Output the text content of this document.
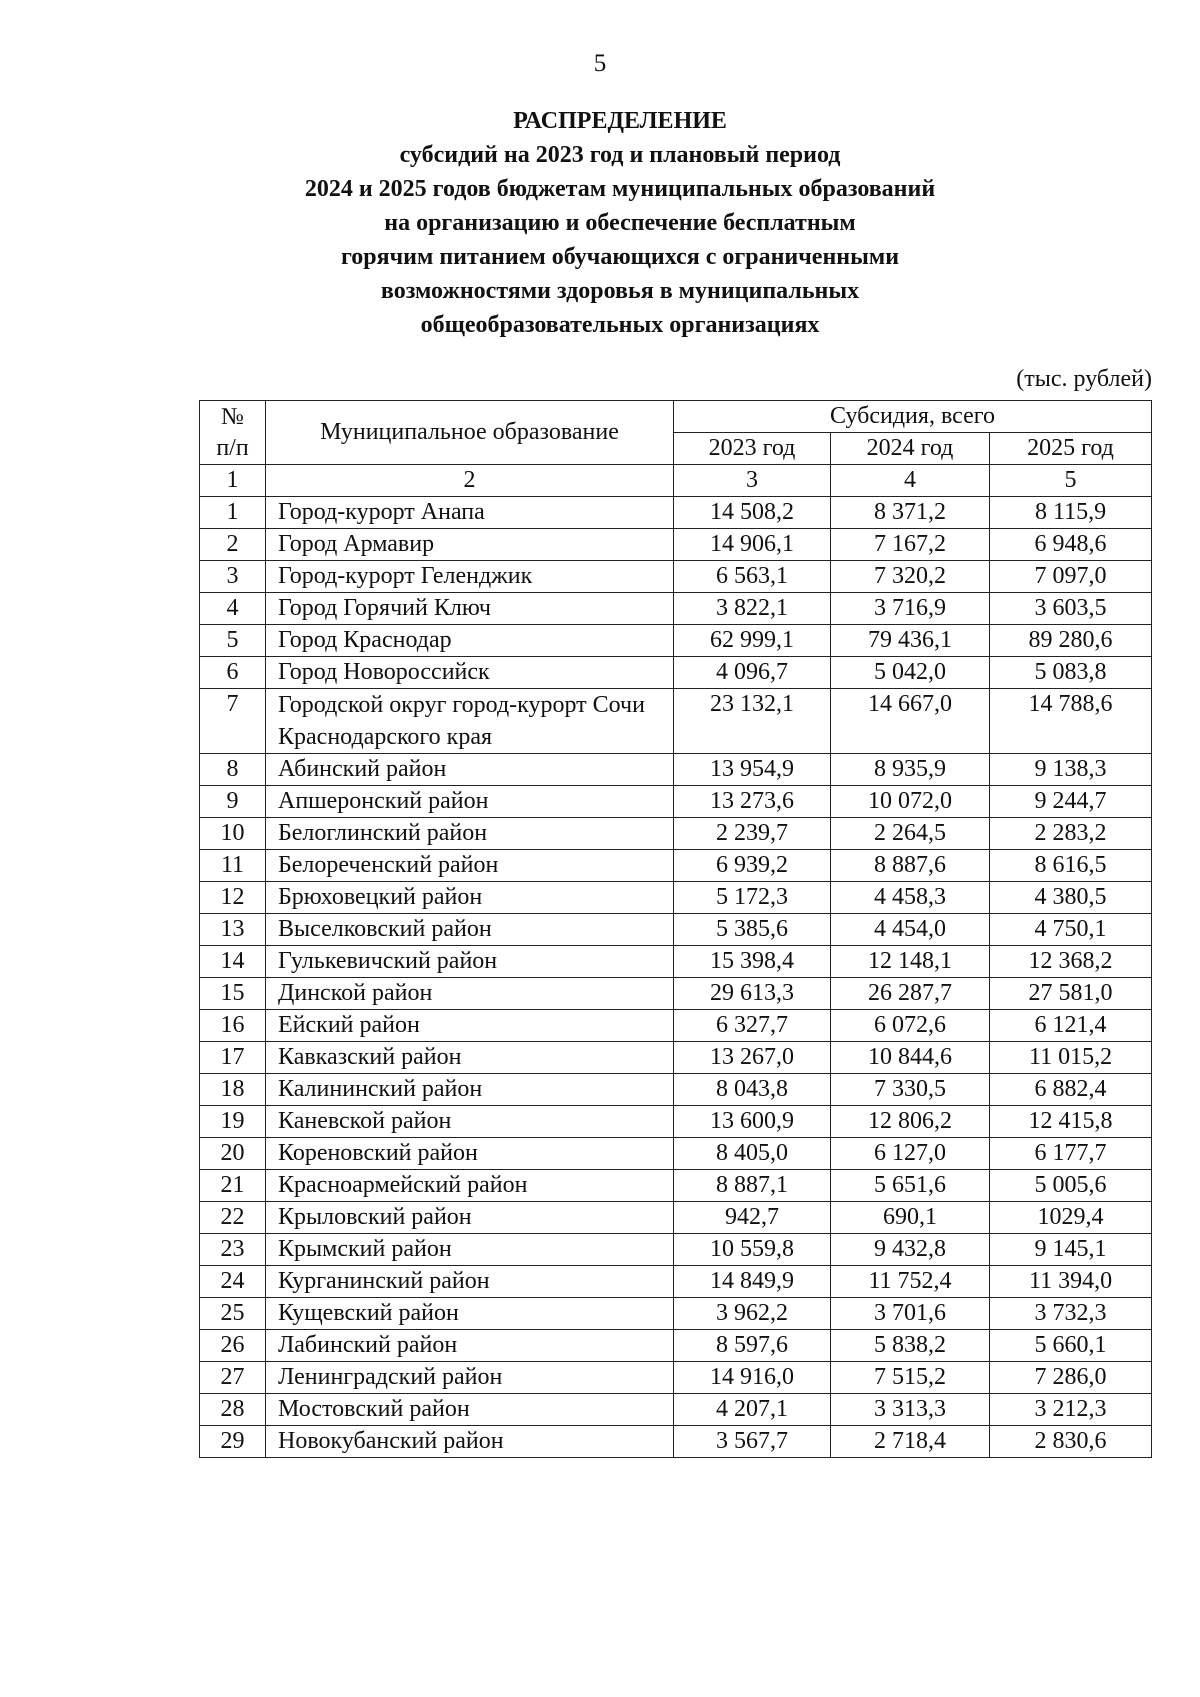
5
РАСПРЕДЕЛЕНИЕ
субсидий на 2023 год и плановый период
2024 и 2025 годов бюджетам муниципальных образований
на организацию и обеспечение бесплатным
горячим питанием обучающихся с ограниченными
возможностями здоровья в муниципальных
общеобразовательных организациях
(тыс. рублей)
№
п/п	Муниципальное образование	Субсидия, всего		
		2023 год	2024 год	2025 год
1	2	3	4	5
1	Город-курорт Анапа	14 508,2	8 371,2	8 115,9
2	Город Армавир	14 906,1	7 167,2	6 948,6
3	Город-курорт Геленджик	6 563,1	7 320,2	7 097,0
4	Город Горячий Ключ	3 822,1	3 716,9	3 603,5
5	Город Краснодар	62 999,1	79 436,1	89 280,6
6	Город Новороссийск	4 096,7	5 042,0	5 083,8
7	Городской округ город-курорт Сочи Краснодарского края	23 132,1	14 667,0	14 788,6
8	Абинский район	13 954,9	8 935,9	9 138,3
9	Апшеронский район	13 273,6	10 072,0	9 244,7
10	Белоглинский район	2 239,7	2 264,5	2 283,2
11	Белореченский район	6 939,2	8 887,6	8 616,5
12	Брюховецкий район	5 172,3	4 458,3	4 380,5
13	Выселковский район	5 385,6	4 454,0	4 750,1
14	Гулькевичский район	15 398,4	12 148,1	12 368,2
15	Динской район	29 613,3	26 287,7	27 581,0
16	Ейский район	6 327,7	6 072,6	6 121,4
17	Кавказский район	13 267,0	10 844,6	11 015,2
18	Калининский район	8 043,8	7 330,5	6 882,4
19	Каневской район	13 600,9	12 806,2	12 415,8
20	Кореновский район	8 405,0	6 127,0	6 177,7
21	Красноармейский район	8 887,1	5 651,6	5 005,6
22	Крыловский район	942,7	690,1	1029,4
23	Крымский район	10 559,8	9 432,8	9 145,1
24	Курганинский район	14 849,9	11 752,4	11 394,0
25	Кущевский район	3 962,2	3 701,6	3 732,3
26	Лабинский район	8 597,6	5 838,2	5 660,1
27	Ленинградский район	14 916,0	7 515,2	7 286,0
28	Мостовский район	4 207,1	3 313,3	3 212,3
29	Новокубанский район	3 567,7	2 718,4	2 830,6
